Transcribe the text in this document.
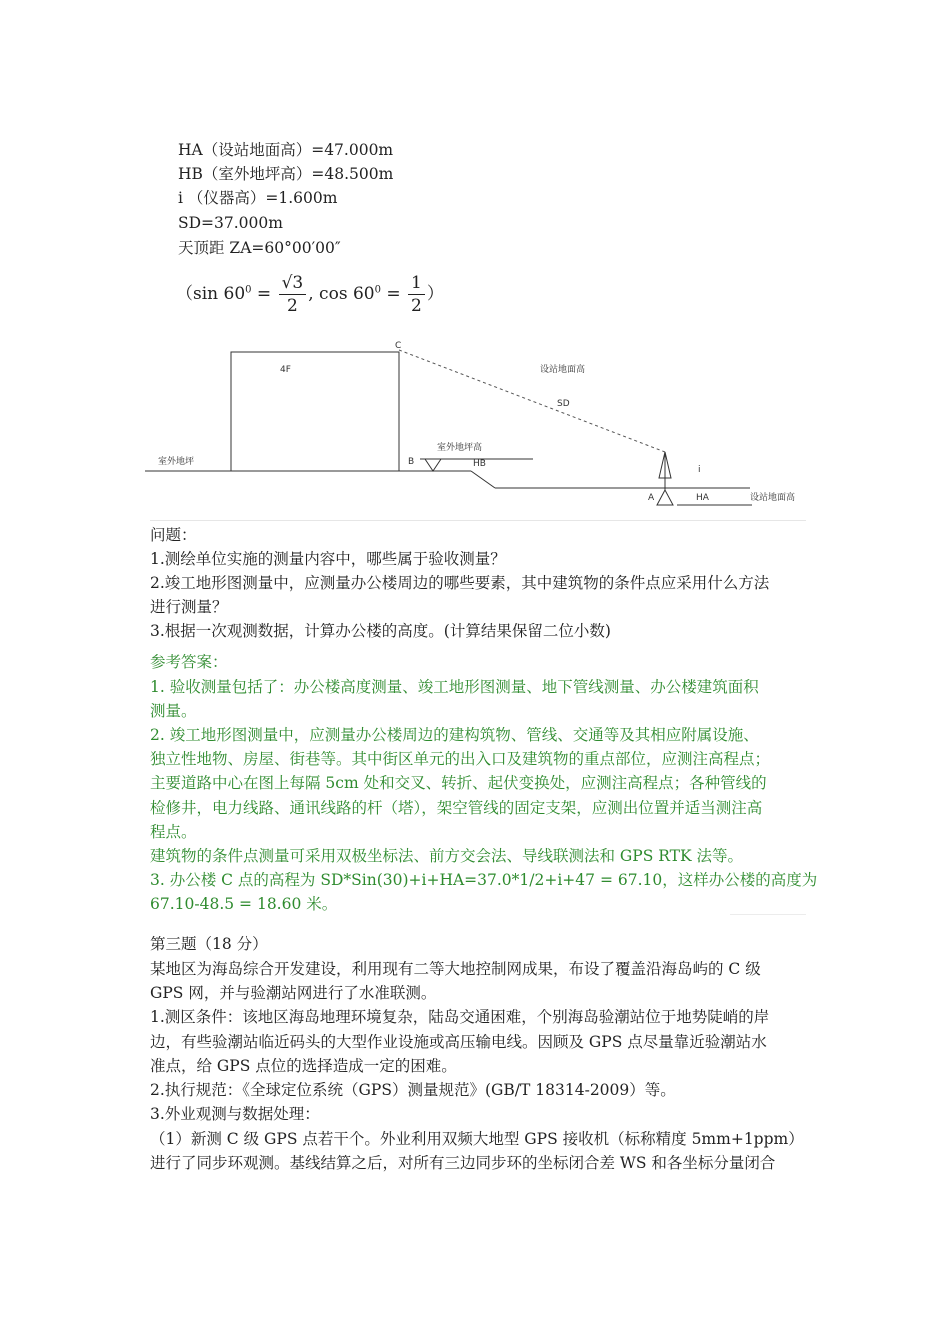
HA（设站地面高）=47.000m
HB（室外地坪高）=48.500m
i （仪器高）=1.600m
SD=37.000m
天顶距 ZA=60°00′00″
（sin $60^0 = \frac{√3}{2}$ , $\cos 60^0 = \frac{1}{2}$ ）
C
4F	设站地面高
SD
室外地坪
室外地坪高
B	HB
i
A	HA	设站地面高
问题：
1.测绘单位实施的测量内容中，哪些属于验收测量？
2.竣工地形图测量中，应测量办公楼周边的哪些要素，其中建筑物的条件点应采用什么方法
进行测量？
3.根据一次观测数据，计算办公楼的高度。(计算结果保留二位小数)
参考答案：
1. 验收测量包括了：办公楼高度测量、竣工地形图测量、地下管线测量、办公楼建筑面积
测量。
2. 竣工地形图测量中，应测量办公楼周边的建构筑物、管线、交通等及其相应附属设施、
独立性地物、房屋、街巷等。其中街区单元的出入口及建筑物的重点部位，应测注高程点；
主要道路中心在图上每隔 5cm 处和交叉、转折、起伏变换处，应测注高程点；各种管线的
检修井，电力线路、通讯线路的杆（塔），架空管线的固定支架，应测出位置并适当测注高
程点。
建筑物的条件点测量可采用双极坐标法、前方交会法、导线联测法和 GPS RTK 法等。
3. 办公楼 C 点的高程为 SD*Sin(30)+i+HA=37.0*1/2+i+47 = 67.10，这样办公楼的高度为
67.10-48.5 = 18.60 米。
第三题（18 分）
某地区为海岛综合开发建设，利用现有二等大地控制网成果，布设了覆盖沿海岛屿的 C 级
GPS 网，并与验潮站网进行了水准联测。
1.测区条件：该地区海岛地理环境复杂，陆岛交通困难，个别海岛验潮站位于地势陡峭的岸
边，有些验潮站临近码头的大型作业设施或高压输电线。因顾及 GPS 点尽量靠近验潮站水
准点，给 GPS 点位的选择造成一定的困难。
2.执行规范：《全球定位系统（GPS）测量规范》(GB/T 18314-2009）等。
3.外业观测与数据处理：
（1）新测 C 级 GPS 点若干个。外业利用双频大地型 GPS 接收机（标称精度 5mm+1ppm）
进行了同步环观测。基线结算之后，对所有三边同步环的坐标闭合差 WS 和各坐标分量闭合
